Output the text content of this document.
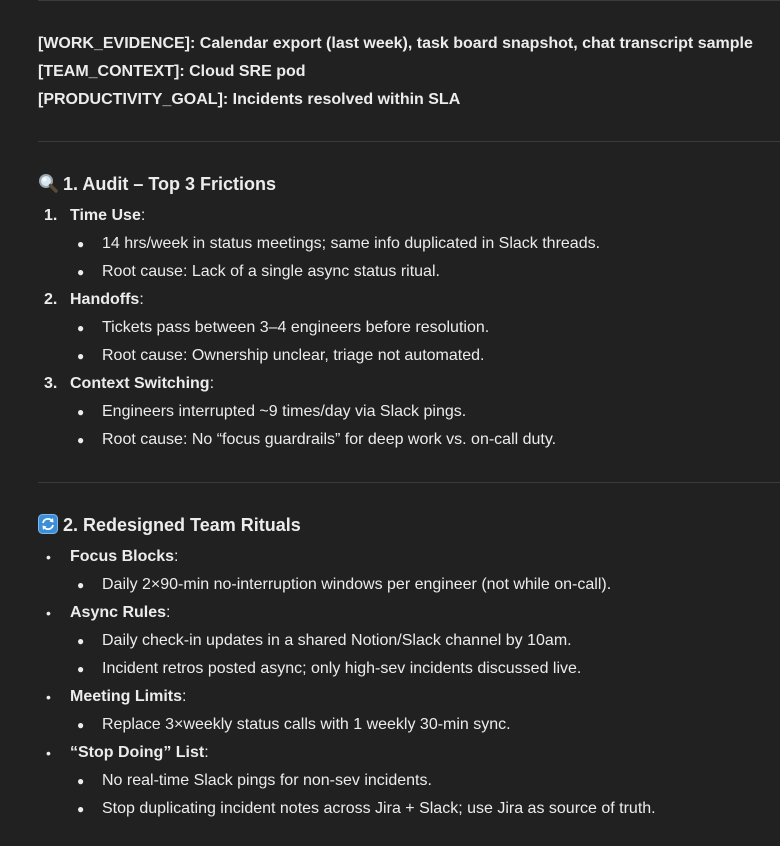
[WORK_EVIDENCE]: Calendar export (last week), task board snapshot, chat transcript sample
[TEAM_CONTEXT]: Cloud SRE pod
[PRODUCTIVITY_GOAL]: Incidents resolved within SLA
1. Audit – Top 3 Frictions
1. Time Use:
● 14 hrs/week in status meetings; same info duplicated in Slack threads.
● Root cause: Lack of a single async status ritual.
2. Handoffs:
● Tickets pass between 3–4 engineers before resolution.
● Root cause: Ownership unclear, triage not automated.
3. Context Switching:
● Engineers interrupted ~9 times/day via Slack pings.
● Root cause: No “focus guardrails” for deep work vs. on-call duty.
2. Redesigned Team Rituals
• Focus Blocks:
● Daily 2×90-min no-interruption windows per engineer (not while on-call).
• Async Rules:
● Daily check-in updates in a shared Notion/Slack channel by 10am.
● Incident retros posted async; only high-sev incidents discussed live.
• Meeting Limits:
● Replace 3×weekly status calls with 1 weekly 30-min sync.
• “Stop Doing” List:
● No real-time Slack pings for non-sev incidents.
● Stop duplicating incident notes across Jira + Slack; use Jira as source of truth.
